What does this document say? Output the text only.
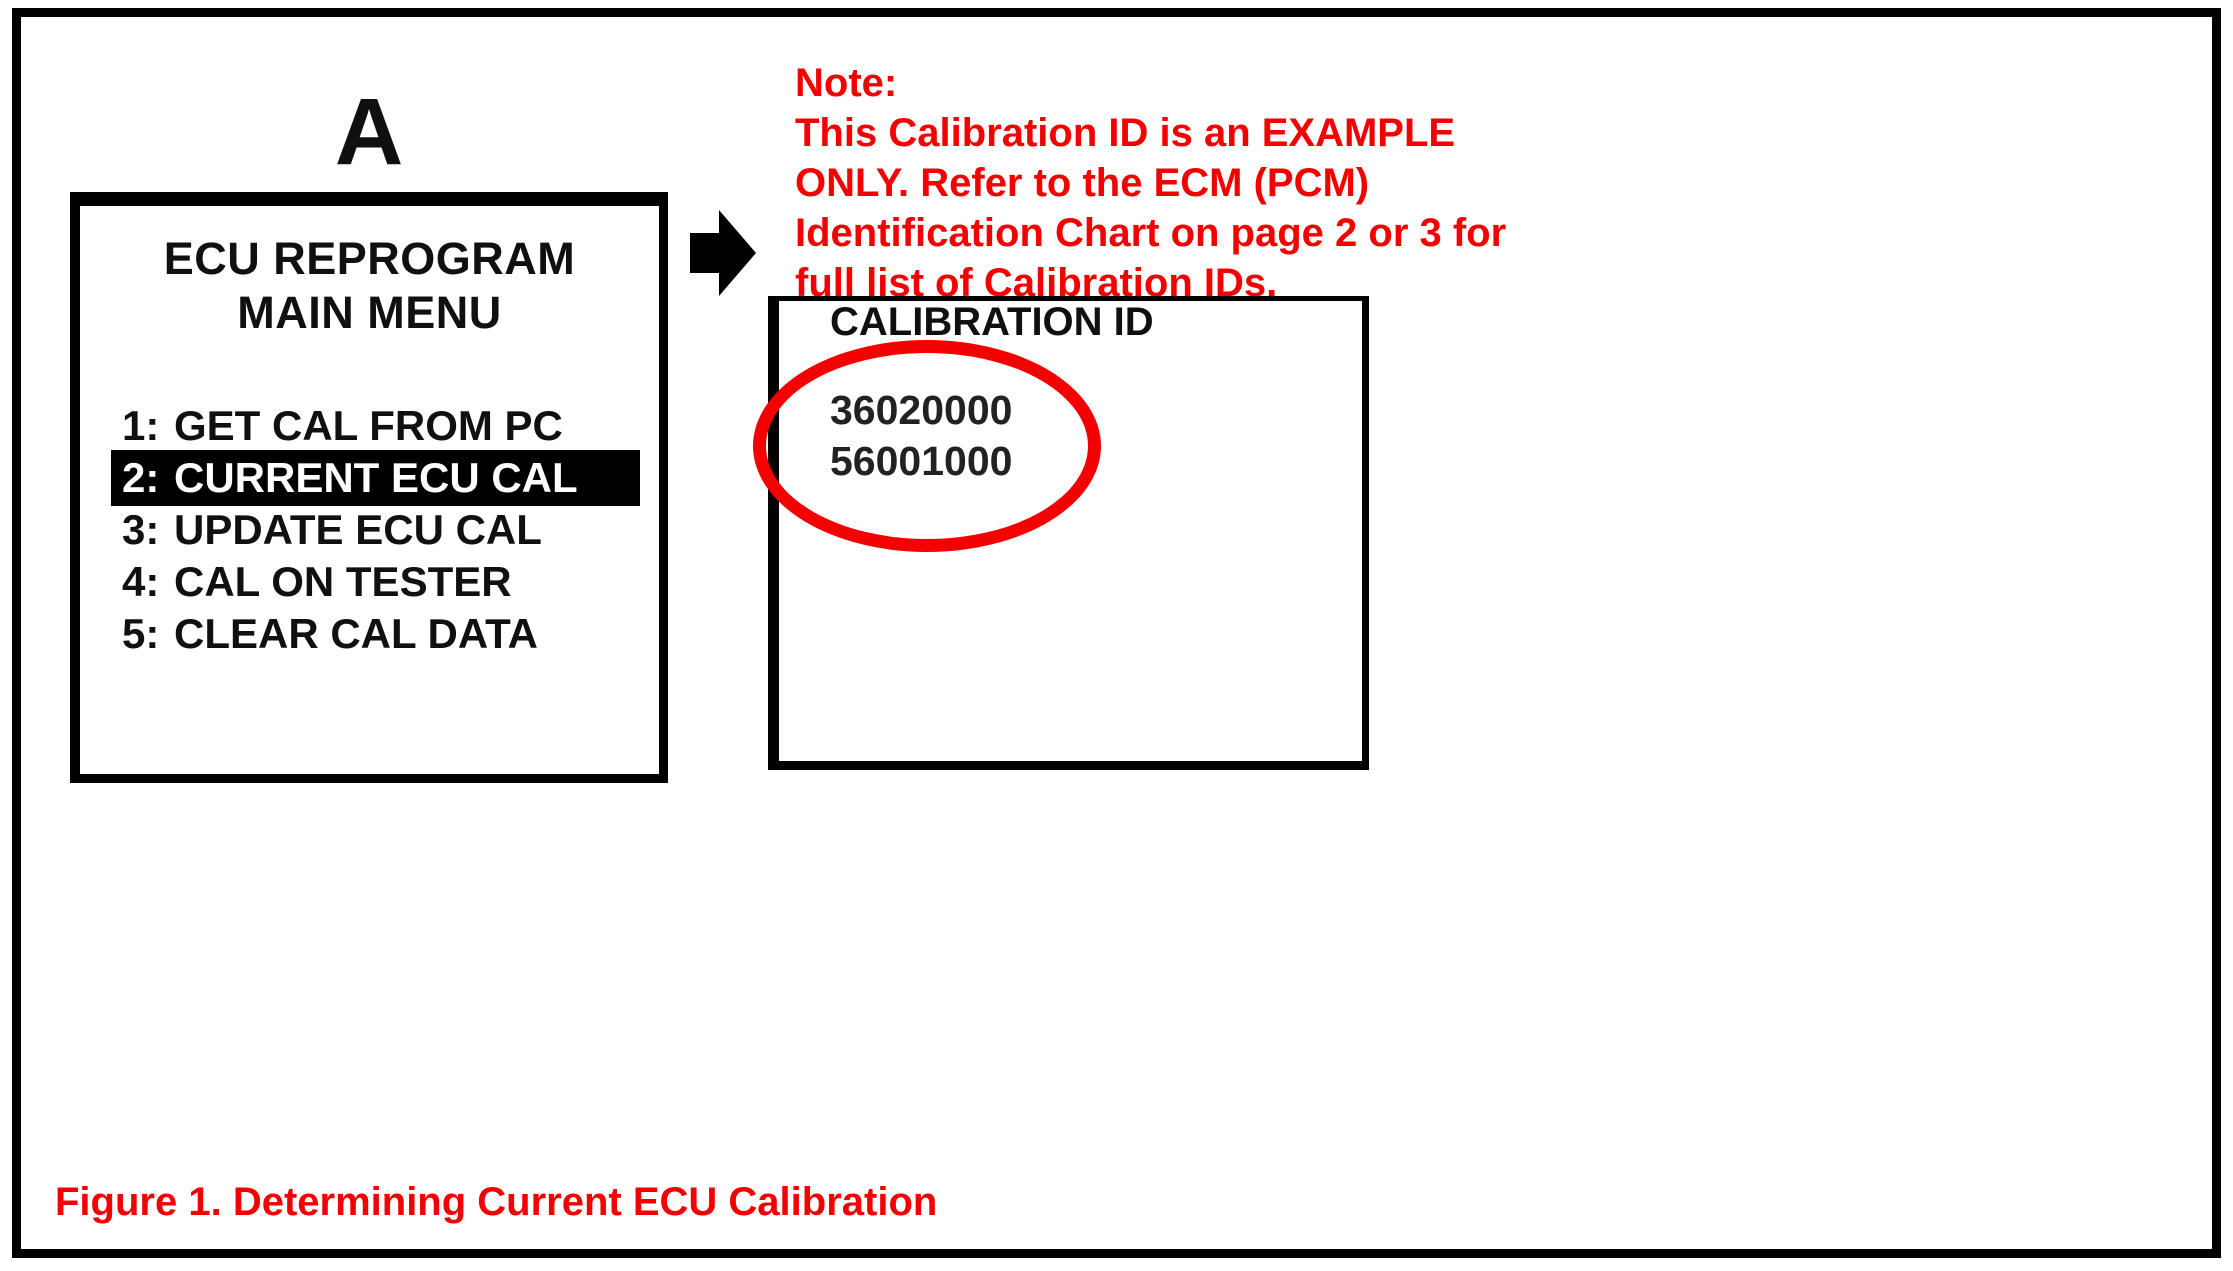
A
ECU REPROGRAM
MAIN MENU
1: GET CAL FROM PC
2: CURRENT ECU CAL
3: UPDATE ECU CAL
4: CAL ON TESTER
5: CLEAR CAL DATA
Note:
This Calibration ID is an EXAMPLE
ONLY. Refer to the ECM (PCM)
Identification Chart on page 2 or 3 for
full list of Calibration IDs.
CALIBRATION ID
36020000
56001000
Figure 1. Determining Current ECU Calibration
